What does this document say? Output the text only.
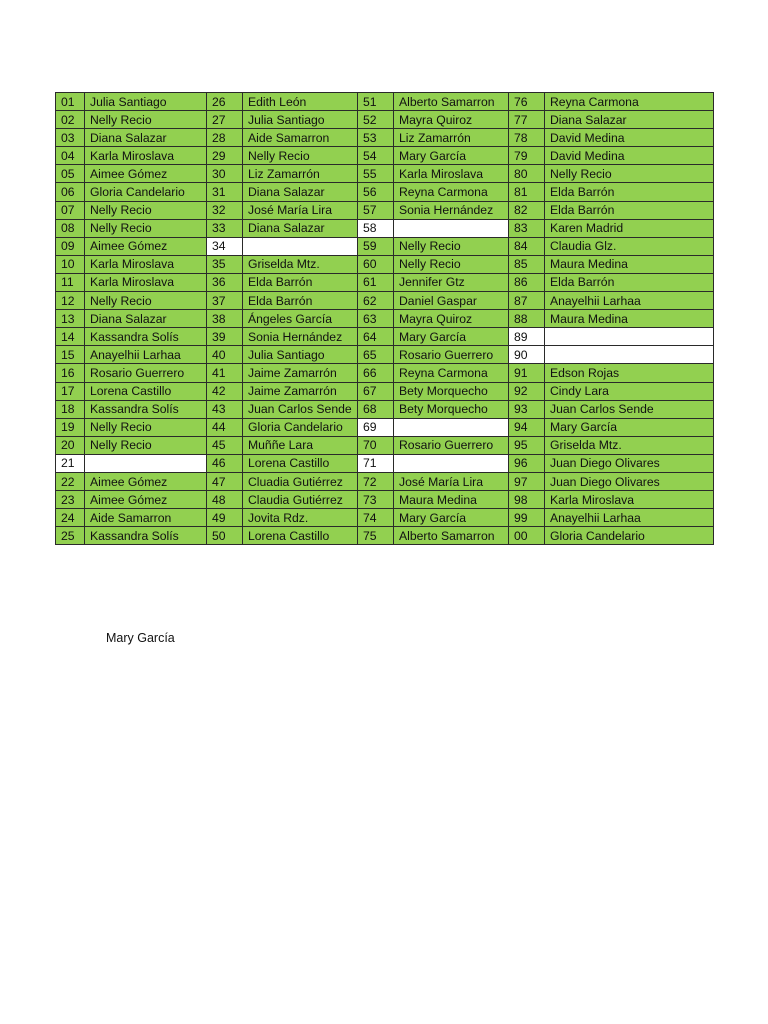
01	Julia Santiago	26	Edith León	51	Alberto Samarron	76	Reyna Carmona
02	Nelly Recio	27	Julia Santiago	52	Mayra Quiroz	77	Diana Salazar
03	Diana Salazar	28	Aide Samarron	53	Liz Zamarrón	78	David Medina
04	Karla Miroslava	29	Nelly Recio	54	Mary García	79	David Medina
05	Aimee Gómez	30	Liz Zamarrón	55	Karla Miroslava	80	Nelly Recio
06	Gloria Candelario	31	Diana Salazar	56	Reyna Carmona	81	Elda Barrón
07	Nelly Recio	32	José María Lira	57	Sonia Hernández	82	Elda Barrón
08	Nelly Recio	33	Diana Salazar	58		83	Karen Madrid
09	Aimee Gómez	34		59	Nelly Recio	84	Claudia Glz.
10	Karla Miroslava	35	Griselda Mtz.	60	Nelly Recio	85	Maura Medina
11	Karla Miroslava	36	Elda Barrón	61	Jennifer Gtz	86	Elda Barrón
12	Nelly Recio	37	Elda Barrón	62	Daniel Gaspar	87	Anayelhii Larhaa
13	Diana Salazar	38	Ángeles García	63	Mayra Quiroz	88	Maura Medina
14	Kassandra Solís	39	Sonia Hernández	64	Mary García	89	
15	Anayelhii Larhaa	40	Julia Santiago	65	Rosario Guerrero	90	
16	Rosario Guerrero	41	Jaime Zamarrón	66	Reyna Carmona	91	Edson Rojas
17	Lorena Castillo	42	Jaime Zamarrón	67	Bety Morquecho	92	Cindy Lara
18	Kassandra Solís	43	Juan Carlos Sende	68	Bety Morquecho	93	Juan Carlos Sende
19	Nelly Recio	44	Gloria Candelario	69		94	Mary García
20	Nelly Recio	45	Muññe Lara	70	Rosario Guerrero	95	Griselda Mtz.
21		46	Lorena Castillo	71		96	Juan Diego Olivares
22	Aimee Gómez	47	Cluadia Gutiérrez	72	José María Lira	97	Juan Diego Olivares
23	Aimee Gómez	48	Claudia Gutiérrez	73	Maura Medina	98	Karla Miroslava
24	Aide Samarron	49	Jovita Rdz.	74	Mary García	99	Anayelhii Larhaa
25	Kassandra Solís	50	Lorena Castillo	75	Alberto Samarron	00	Gloria Candelario
Mary García
